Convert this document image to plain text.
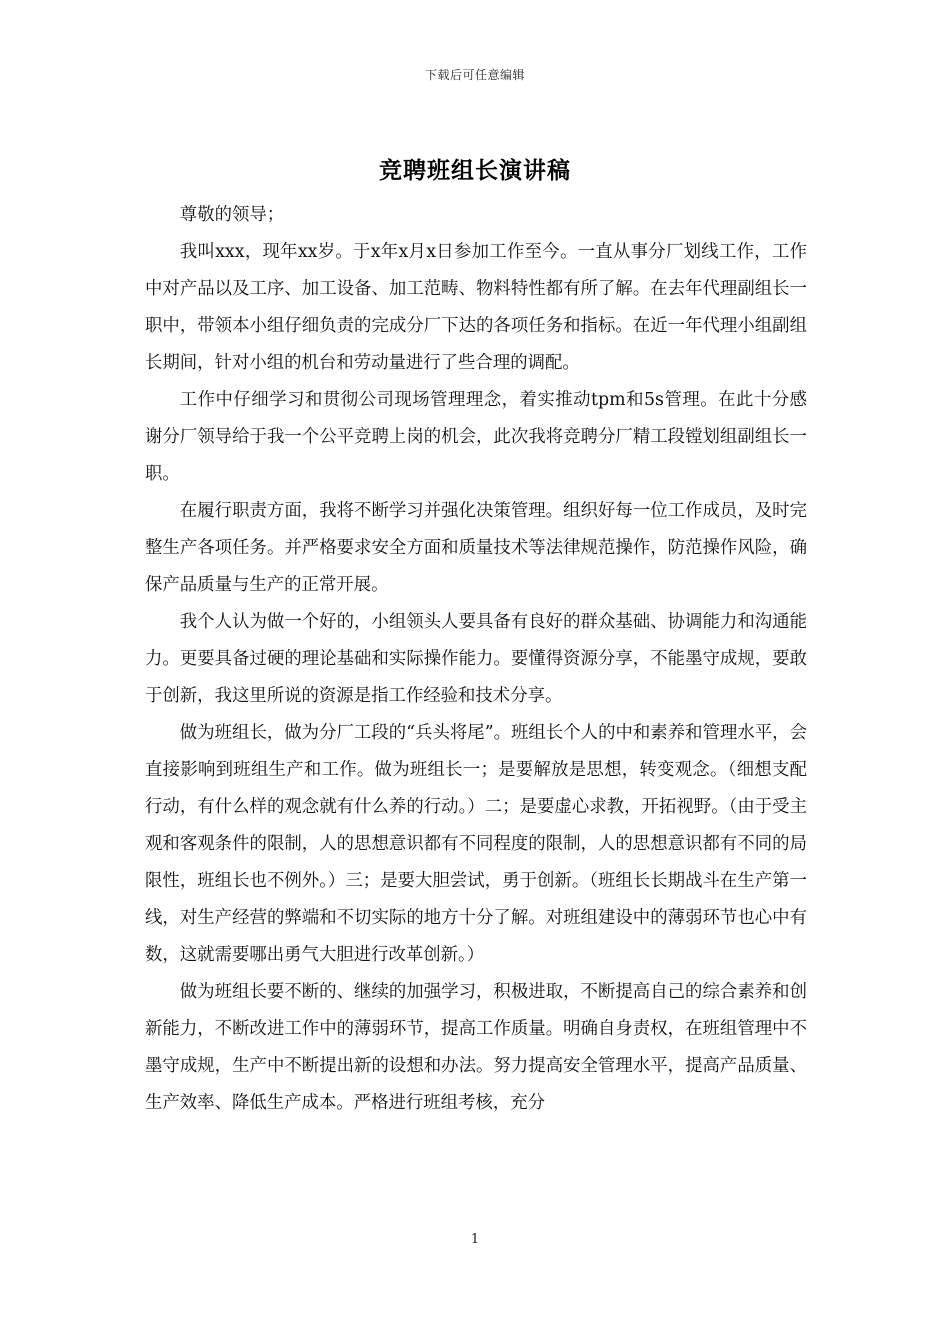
下载后可任意编辑
竞聘班组长演讲稿

尊敬的领导；

我叫xxx，现年xx岁。于x年x月x日参加工作至今。一直从事分厂划线工作，工作中对产品以及工序、加工设备、加工范畴、物料特性都有所了解。在去年代理副组长一职中，带领本小组仔细负责的完成分厂下达的各项任务和指标。在近一年代理小组副组长期间，针对小组的机台和劳动量进行了些合理的调配。

工作中仔细学习和贯彻公司现场管理理念，着实推动tpm和5s管理。在此十分感谢分厂领导给于我一个公平竞聘上岗的机会，此次我将竞聘分厂精工段镗划组副组长一职。

在履行职责方面，我将不断学习并强化决策管理。组织好每一位工作成员，及时完整生产各项任务。并严格要求安全方面和质量技术等法律规范操作，防范操作风险，确保产品质量与生产的正常开展。

我个人认为做一个好的，小组领头人要具备有良好的群众基础、协调能力和沟通能力。更要具备过硬的理论基础和实际操作能力。要懂得资源分享，不能墨守成规，要敢于创新，我这里所说的资源是指工作经验和技术分享。

做为班组长，做为分厂工段的“兵头将尾”。班组长个人的中和素养和管理水平，会直接影响到班组生产和工作。做为班组长一；是要解放是思想，转变观念。（细想支配行动，有什么样的观念就有什么养的行动。）二；是要虚心求教，开拓视野。（由于受主观和客观条件的限制，人的思想意识都有不同程度的限制，人的思想意识都有不同的局限性，班组长也不例外。）三；是要大胆尝试，勇于创新。（班组长长期战斗在生产第一线，对生产经营的弊端和不切实际的地方十分了解。对班组建设中的薄弱环节也心中有数，这就需要哪出勇气大胆进行改革创新。）

做为班组长要不断的、继续的加强学习，积极进取，不断提高自己的综合素养和创新能力，不断改进工作中的薄弱环节，提高工作质量。明确自身责权，在班组管理中不墨守成规，生产中不断提出新的设想和办法。努力提高安全管理水平，提高产品质量、生产效率、降低生产成本。严格进行班组考核，充分

1
